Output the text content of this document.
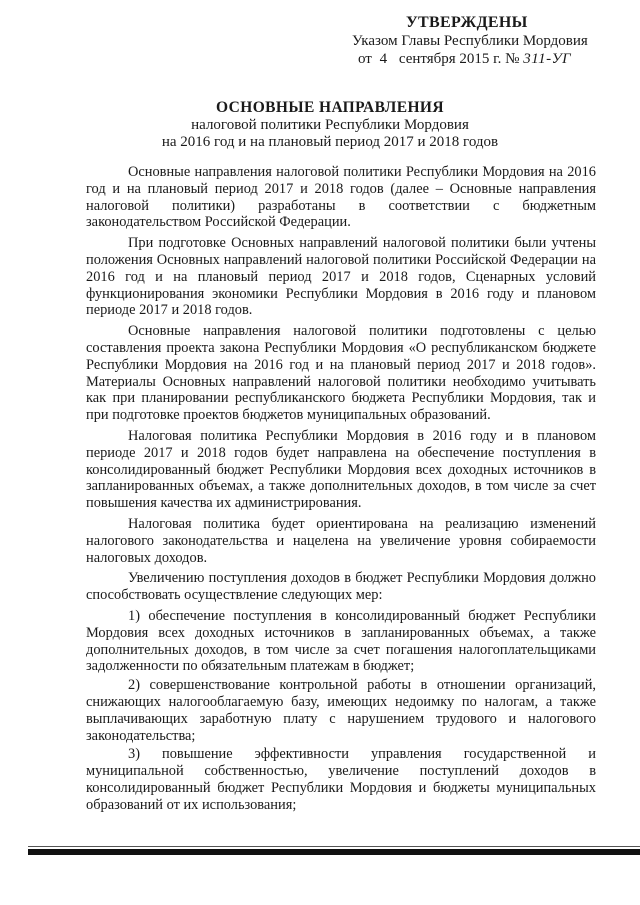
УТВЕРЖДЕНЫ
Указом Главы Республики Мордовия
от 4 сентября 2015 г. № 311-УГ
ОСНОВНЫЕ НАПРАВЛЕНИЯ
налоговой политики Республики Мордовия
на 2016 год и на плановый период 2017 и 2018 годов

Основные направления налоговой политики Республики Мордовия на 2016 год и на плановый период 2017 и 2018 годов (далее – Основные направления налоговой политики) разработаны в соответствии с бюджетным законодательством Российской Федерации.

При подготовке Основных направлений налоговой политики были учтены положения Основных направлений налоговой политики Российской Федерации на 2016 год и на плановый период 2017 и 2018 годов, Сценарных условий функционирования экономики Республики Мордовия в 2016 году и плановом периоде 2017 и 2018 годов.

Основные направления налоговой политики подготовлены с целью составления проекта закона Республики Мордовия «О республиканском бюджете Республики Мордовия на 2016 год и на плановый период 2017 и 2018 годов». Материалы Основных направлений налоговой политики необходимо учитывать как при планировании республиканского бюджета Республики Мордовия, так и при подготовке проектов бюджетов муниципальных образований.

Налоговая политика Республики Мордовия в 2016 году и в плановом периоде 2017 и 2018 годов будет направлена на обеспечение поступления в консолидированный бюджет Республики Мордовия всех доходных источников в запланированных объемах, а также дополнительных доходов, в том числе за счет повышения качества их администрирования.

Налоговая политика будет ориентирована на реализацию изменений налогового законодательства и нацелена на увеличение уровня собираемости налоговых доходов.

Увеличению поступления доходов в бюджет Республики Мордовия должно способствовать осуществление следующих мер:

1) обеспечение поступления в консолидированный бюджет Республики Мордовия всех доходных источников в запланированных объемах, а также дополнительных доходов, в том числе за счет погашения налогоплательщиками задолженности по обязательным платежам в бюджет;

2) совершенствование контрольной работы в отношении организаций, снижающих налогооблагаемую базу, имеющих недоимку по налогам, а также выплачивающих заработную плату с нарушением трудового и налогового законодательства;

3) повышение эффективности управления государственной и муниципальной собственностью, увеличение поступлений доходов в консолидированный бюджет Республики Мордовия и бюджеты муниципальных образований от их использования;
